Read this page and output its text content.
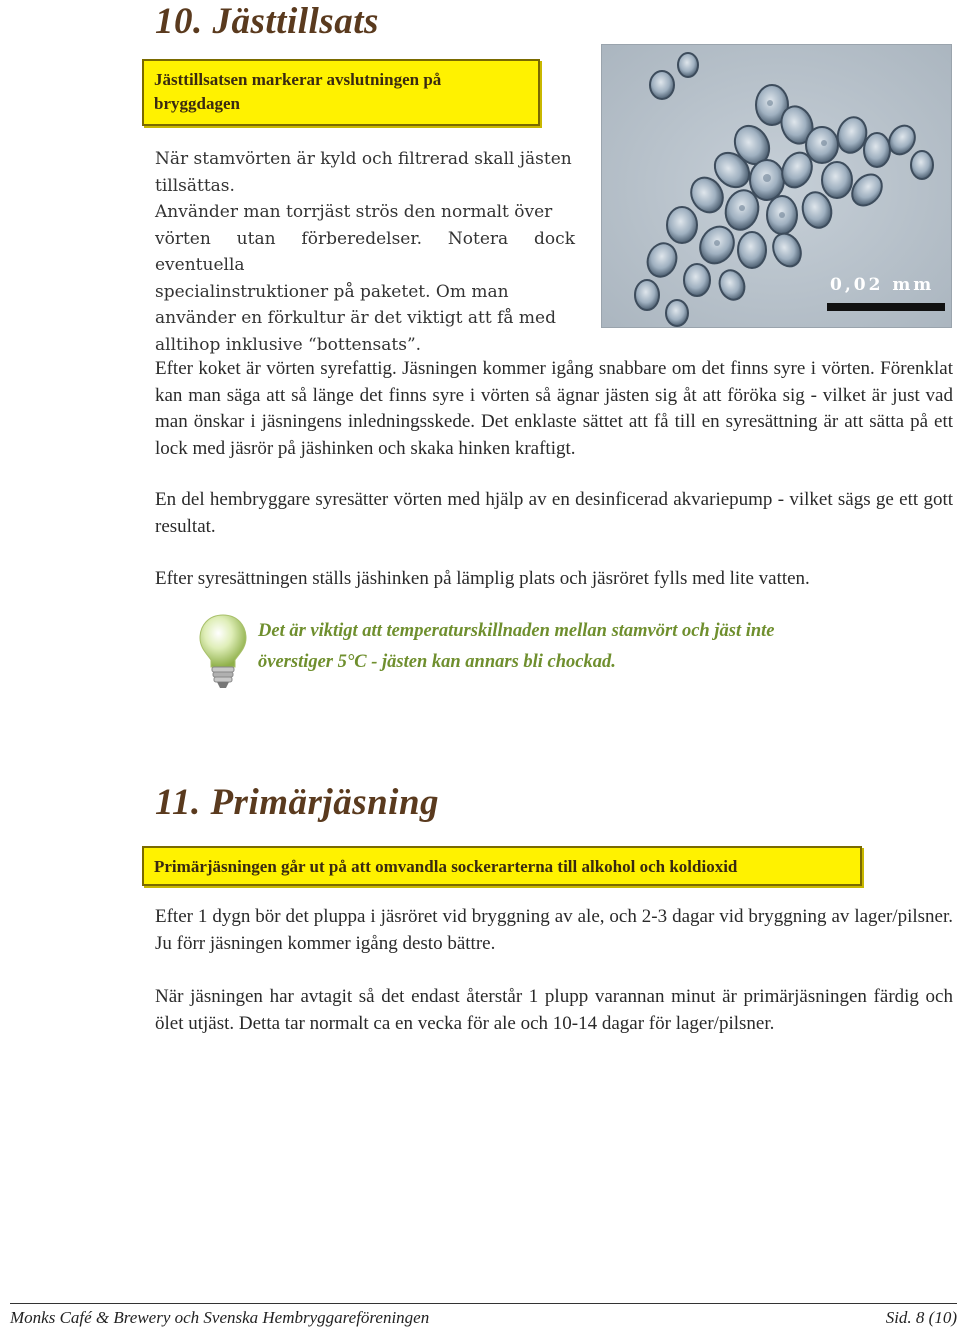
10. Jästtillsats
Jästtillsatsen markerar avslutningen på bryggdagen
När stamvörten är kyld och filtrerad skall jästen
tillsättas.
Använder man torrjäst strös den normalt över
vörten utan förberedelser. Notera dock eventuella
specialinstruktioner på paketet. Om man
använder en förkultur är det viktigt att få med
alltihop inklusive “bottensats”.
0,02 mm

Efter koket är vörten syrefattig. Jäsningen kommer igång snabbare om det finns syre i vörten. Förenklat kan man säga att så länge det finns syre i vörten så ägnar jästen sig åt att föröka sig - vilket är just vad man önskar i jäsningens inledningsskede. Det enklaste sättet att få till en syresättning är att sätta på ett lock med jäsrör på jäshinken och skaka hinken kraftigt.

En del hembryggare syresätter vörten med hjälp av en desinficerad akvariepump - vilket sägs ge ett gott resultat.

Efter syresättningen ställs jäshinken på lämplig plats och jäsröret fylls med lite vatten.

Det är viktigt att temperaturskillnaden mellan stamvört och jäst inte
överstiger 5°C - jästen kan annars bli chockad.
11. Primärjäsning
Primärjäsningen går ut på att omvandla sockerarterna till alkohol och koldioxid

Efter 1 dygn bör det pluppa i jäsröret vid bryggning av ale, och 2-3 dagar vid bryggning av lager/pilsner. Ju förr jäsningen kommer igång desto bättre.

När jäsningen har avtagit så det endast återstår 1 plupp varannan minut är primärjäsningen färdig och ölet utjäst. Detta tar normalt ca en vecka för ale och 10-14 dagar för lager/pilsner.

Monks Café & Brewery och Svenska Hembryggareföreningen	Sid. 8 (10)
